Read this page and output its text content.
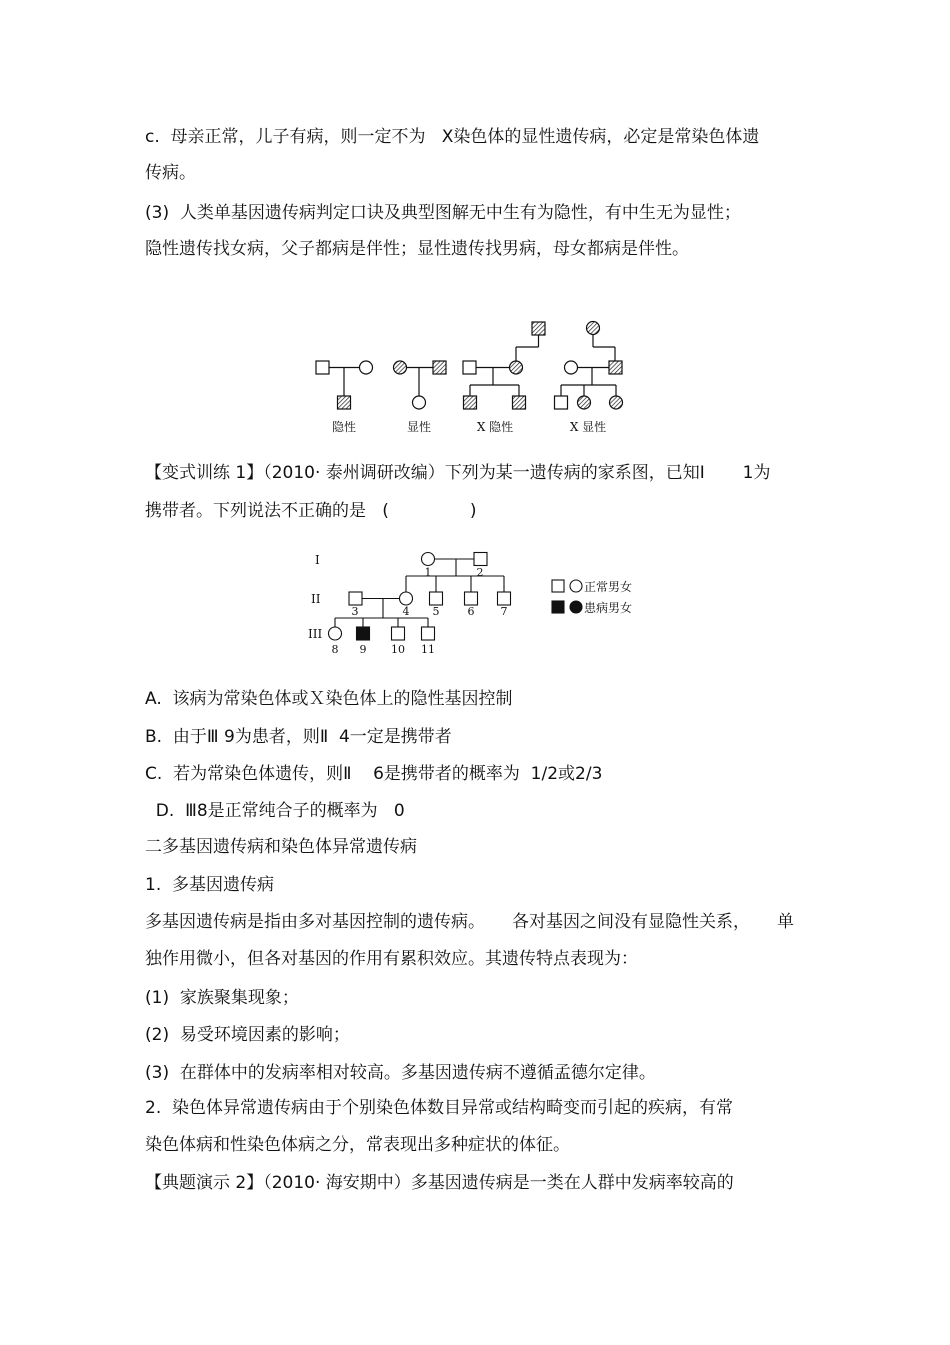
c.  母亲正常，儿子有病，则一定不为   X染色体的显性遗传病，必定是常染色体遗
传病。
(3)  人类单基因遗传病判定口诀及典型图解无中生有为隐性，有中生无为显性；
隐性遗传找女病，父子都病是伴性；显性遗传找男病，母女都病是伴性。
隐性	显性	X 隐性	X 显性
【变式训练 1】（2010· 泰州调研改编）下列为某一遗传病的家系图，已知Ⅰ       1为
携带者。下列说法不正确的是   (               )
I
II
III
1	2
3	4 5	6 7
8 9 10 11
正常男女
患病男女
A.  该病为常染色体或Ｘ染色体上的隐性基因控制
B.  由于Ⅲ 9为患者，则Ⅱ  4一定是携带者
C.  若为常染色体遗传，则Ⅱ    6是携带者的概率为  1/2或2/3
D.  Ⅲ8是正常纯合子的概率为   0
二多基因遗传病和染色体异常遗传病
1.  多基因遗传病
多基因遗传病是指由多对基因控制的遗传病。     各对基因之间没有显隐性关系，     单
独作用微小，但各对基因的作用有累积效应。其遗传特点表现为：
(1)  家族聚集现象；
(2)  易受环境因素的影响；
(3)  在群体中的发病率相对较高。多基因遗传病不遵循孟德尔定律。
2.  染色体异常遗传病由于个别染色体数目异常或结构畸变而引起的疾病，有常
染色体病和性染色体病之分，常表现出多种症状的体征。
【典题演示 2】（2010· 海安期中）多基因遗传病是一类在人群中发病率较高的
